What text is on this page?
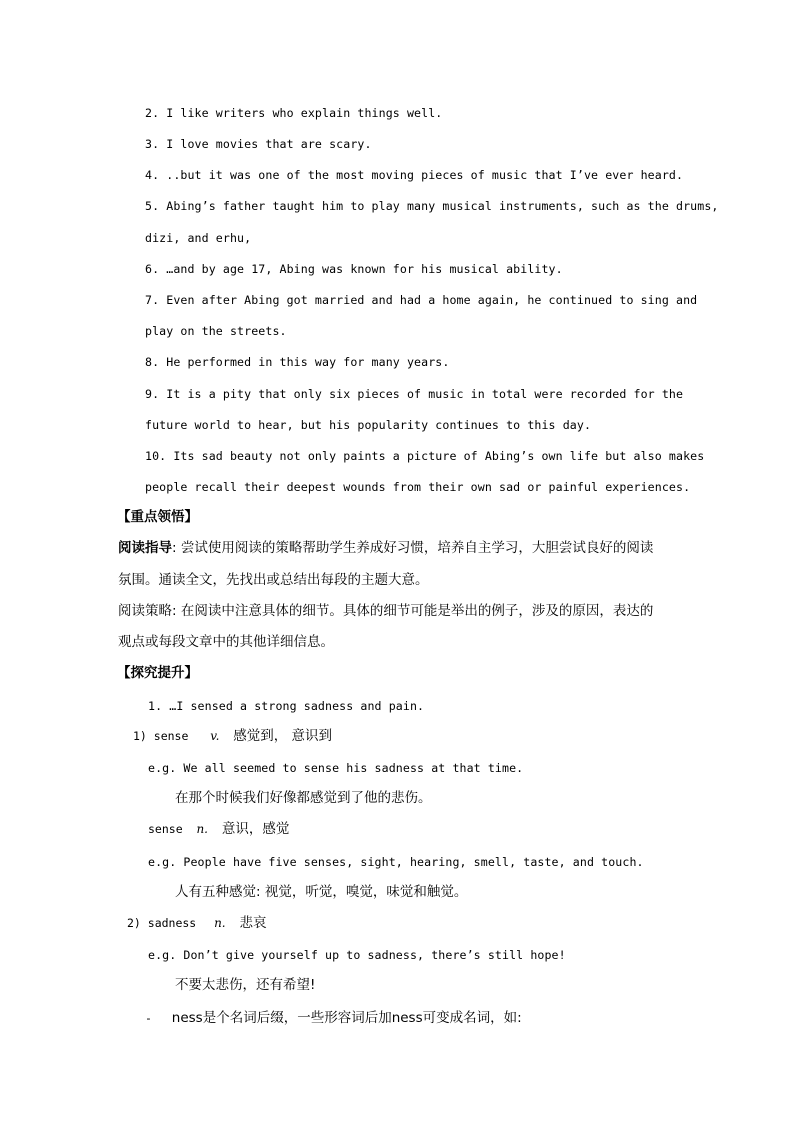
2. I like writers who explain things well.
3. I love movies that are scary.
4. ..but it was one of the most moving pieces of music that I’ve ever heard.
5. Abing’s father taught him to play many musical instruments, such as the drums,
dizi, and erhu,
6. …and by age 17, Abing was known for his musical ability.
7. Even after Abing got married and had a home again, he continued to sing and
play on the streets.
8. He performed in this way for many years.
9. It is a pity that only six pieces of music in total were recorded for the
future world to hear, but his popularity continues to this day.
10. Its sad beauty not only paints a picture of Abing’s own life but also makes
people recall their deepest wounds from their own sad or painful experiences.
【重点领悟】
阅读指导: 尝试使用阅读的策略帮助学生养成好习惯，培养自主学习，大胆尝试良好的阅读
氛围。通读全文，先找出或总结出每段的主题大意。
阅读策略: 在阅读中注意具体的细节。具体的细节可能是举出的例子，涉及的原因，表达的
观点或每段文章中的其他详细信息。
【探究提升】
1. …I sensed a strong sadness and pain.
1) sense v. 感觉到， 意识到
e.g. We all seemed to sense his sadness at that time.
在那个时候我们好像都感觉到了他的悲伤。
sense n. 意识，感觉
e.g. People have five senses, sight, hearing, smell, taste, and touch.
人有五种感觉: 视觉，听觉，嗅觉，味觉和触觉。
2) sadness n. 悲哀
e.g. Don’t give yourself up to sadness, there’s still hope!
不要太悲伤，还有希望!
- ness是个名词后缀，一些形容词后加ness可变成名词，如:
